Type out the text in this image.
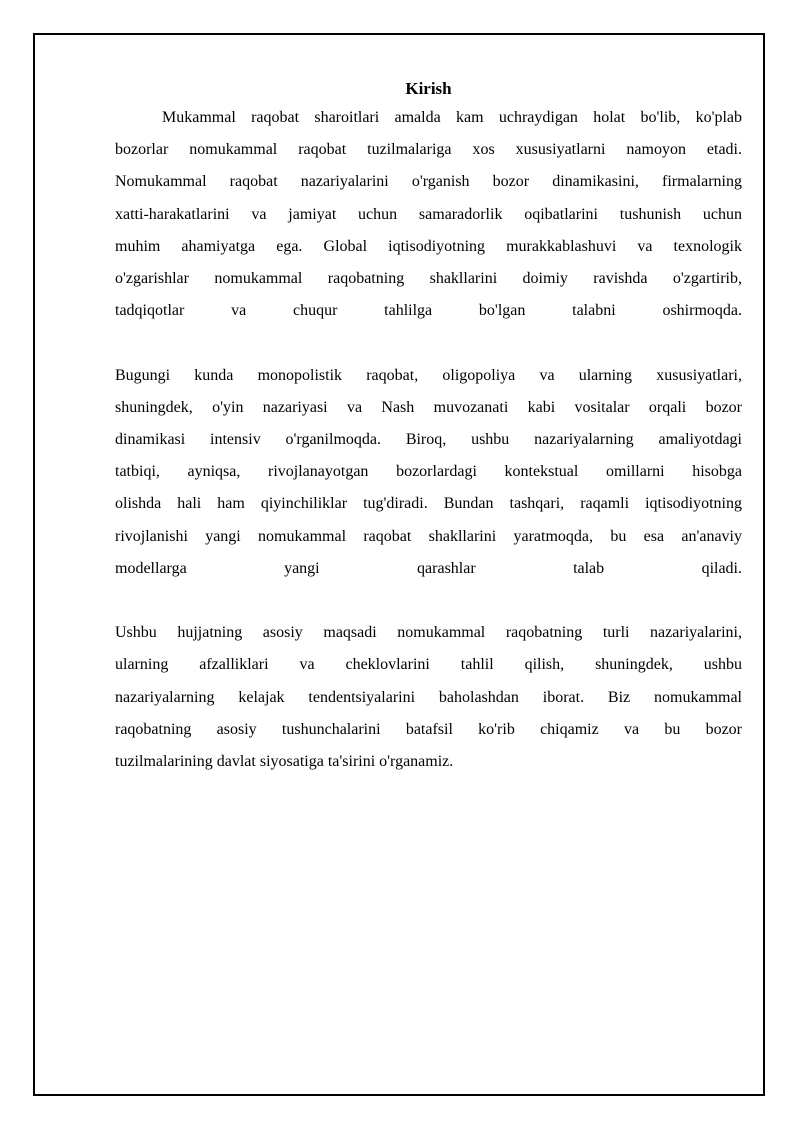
Kirish
Mukammal raqobat sharoitlari amalda kam uchraydigan holat bo'lib, ko'plab
bozorlar nomukammal raqobat tuzilmalariga xos xususiyatlarni namoyon etadi.
Nomukammal raqobat nazariyalarini o'rganish bozor dinamikasini, firmalarning
xatti-harakatlarini va jamiyat uchun samaradorlik oqibatlarini tushunish uchun
muhim ahamiyatga ega. Global iqtisodiyotning murakkablashuvi va texnologik
o'zgarishlar nomukammal raqobatning shakllarini doimiy ravishda o'zgartirib,
tadqiqotlar va chuqur tahlilga bo'lgan talabni oshirmoqda.
Bugungi kunda monopolistik raqobat, oligopoliya va ularning xususiyatlari,
shuningdek, o'yin nazariyasi va Nash muvozanati kabi vositalar orqali bozor
dinamikasi intensiv o'rganilmoqda. Biroq, ushbu nazariyalarning amaliyotdagi
tatbiqi, ayniqsa, rivojlanayotgan bozorlardagi kontekstual omillarni hisobga
olishda hali ham qiyinchiliklar tug'diradi. Bundan tashqari, raqamli iqtisodiyotning
rivojlanishi yangi nomukammal raqobat shakllarini yaratmoqda, bu esa an'anaviy
modellarga yangi qarashlar talab qiladi.
Ushbu hujjatning asosiy maqsadi nomukammal raqobatning turli nazariyalarini,
ularning afzalliklari va cheklovlarini tahlil qilish, shuningdek, ushbu
nazariyalarning kelajak tendentsiyalarini baholashdan iborat. Biz nomukammal
raqobatning asosiy tushunchalarini batafsil ko'rib chiqamiz va bu bozor
tuzilmalarining davlat siyosatiga ta'sirini o'rganamiz.
